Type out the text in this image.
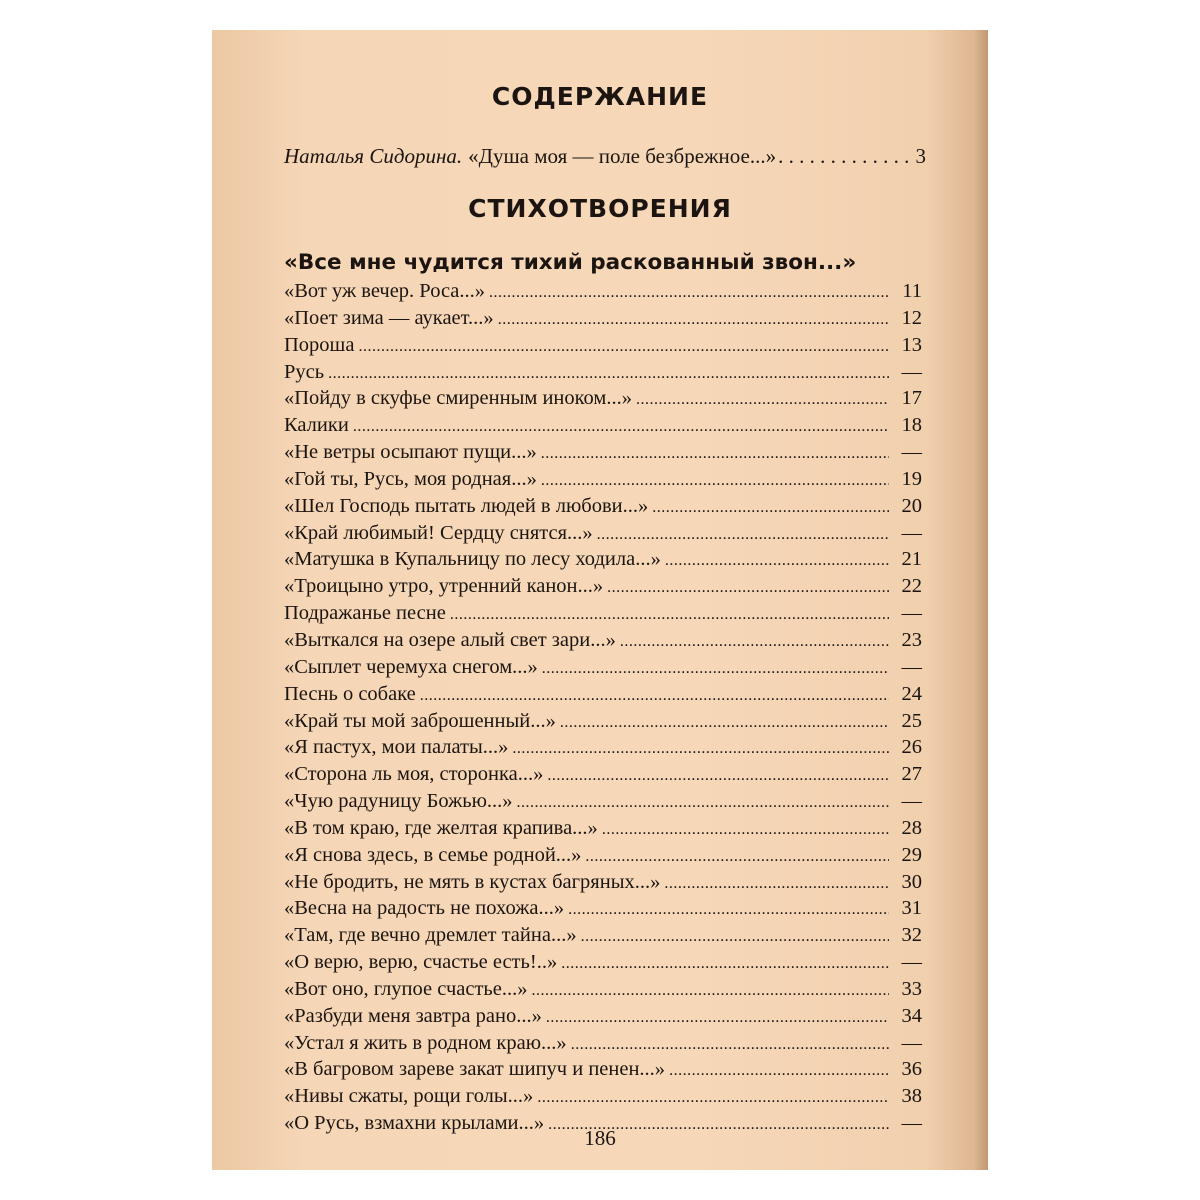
СОДЕРЖАНИЕ
Наталья Сидорина. «Душа моя — поле безбрежное...» . . .	3
СТИХОТВОРЕНИЯ
«Все мне чудится тихий раскованный звон...»
«Вот уж вечер. Роса...» .....	11
«Поет зима — аукает...» .....	12
Пороша .....	13
Русь .....	—
«Пойду в скуфье смиренным иноком...» .....	17
Калики .....	18
«Не ветры осыпают пущи...» .....	—
«Гой ты, Русь, моя родная...» .....	19
«Шел Господь пытать людей в любови...» .....	20
«Край любимый! Сердцу снятся...» .....	—
«Матушка в Купальницу по лесу ходила...» .....	21
«Троицыно утро, утренний канон...» .....	22
Подражанье песне .....	—
«Выткался на озере алый свет зари...» .....	23
«Сыплет черемуха снегом...» .....	—
Песнь о собаке .....	24
«Край ты мой заброшенный...» .....	25
«Я пастух, мои палаты...» .....	26
«Сторона ль моя, сторонка...» .....	27
«Чую радуницу Божью...» .....	—
«В том краю, где желтая крапива...» .....	28
«Я снова здесь, в семье родной...» .....	29
«Не бродить, не мять в кустах багряных...» .....	30
«Весна на радость не похожа...» .....	31
«Там, где вечно дремлет тайна...» .....	32
«О верю, верю, счастье есть!..» .....	—
«Вот оно, глупое счастье...» .....	33
«Разбуди меня завтра рано...» .....	34
«Устал я жить в родном краю...» .....	—
«В багровом зареве закат шипуч и пенен...» .....	36
«Нивы сжаты, рощи голы...» .....	38
«О Русь, взмахни крылами...» .....	—
186
